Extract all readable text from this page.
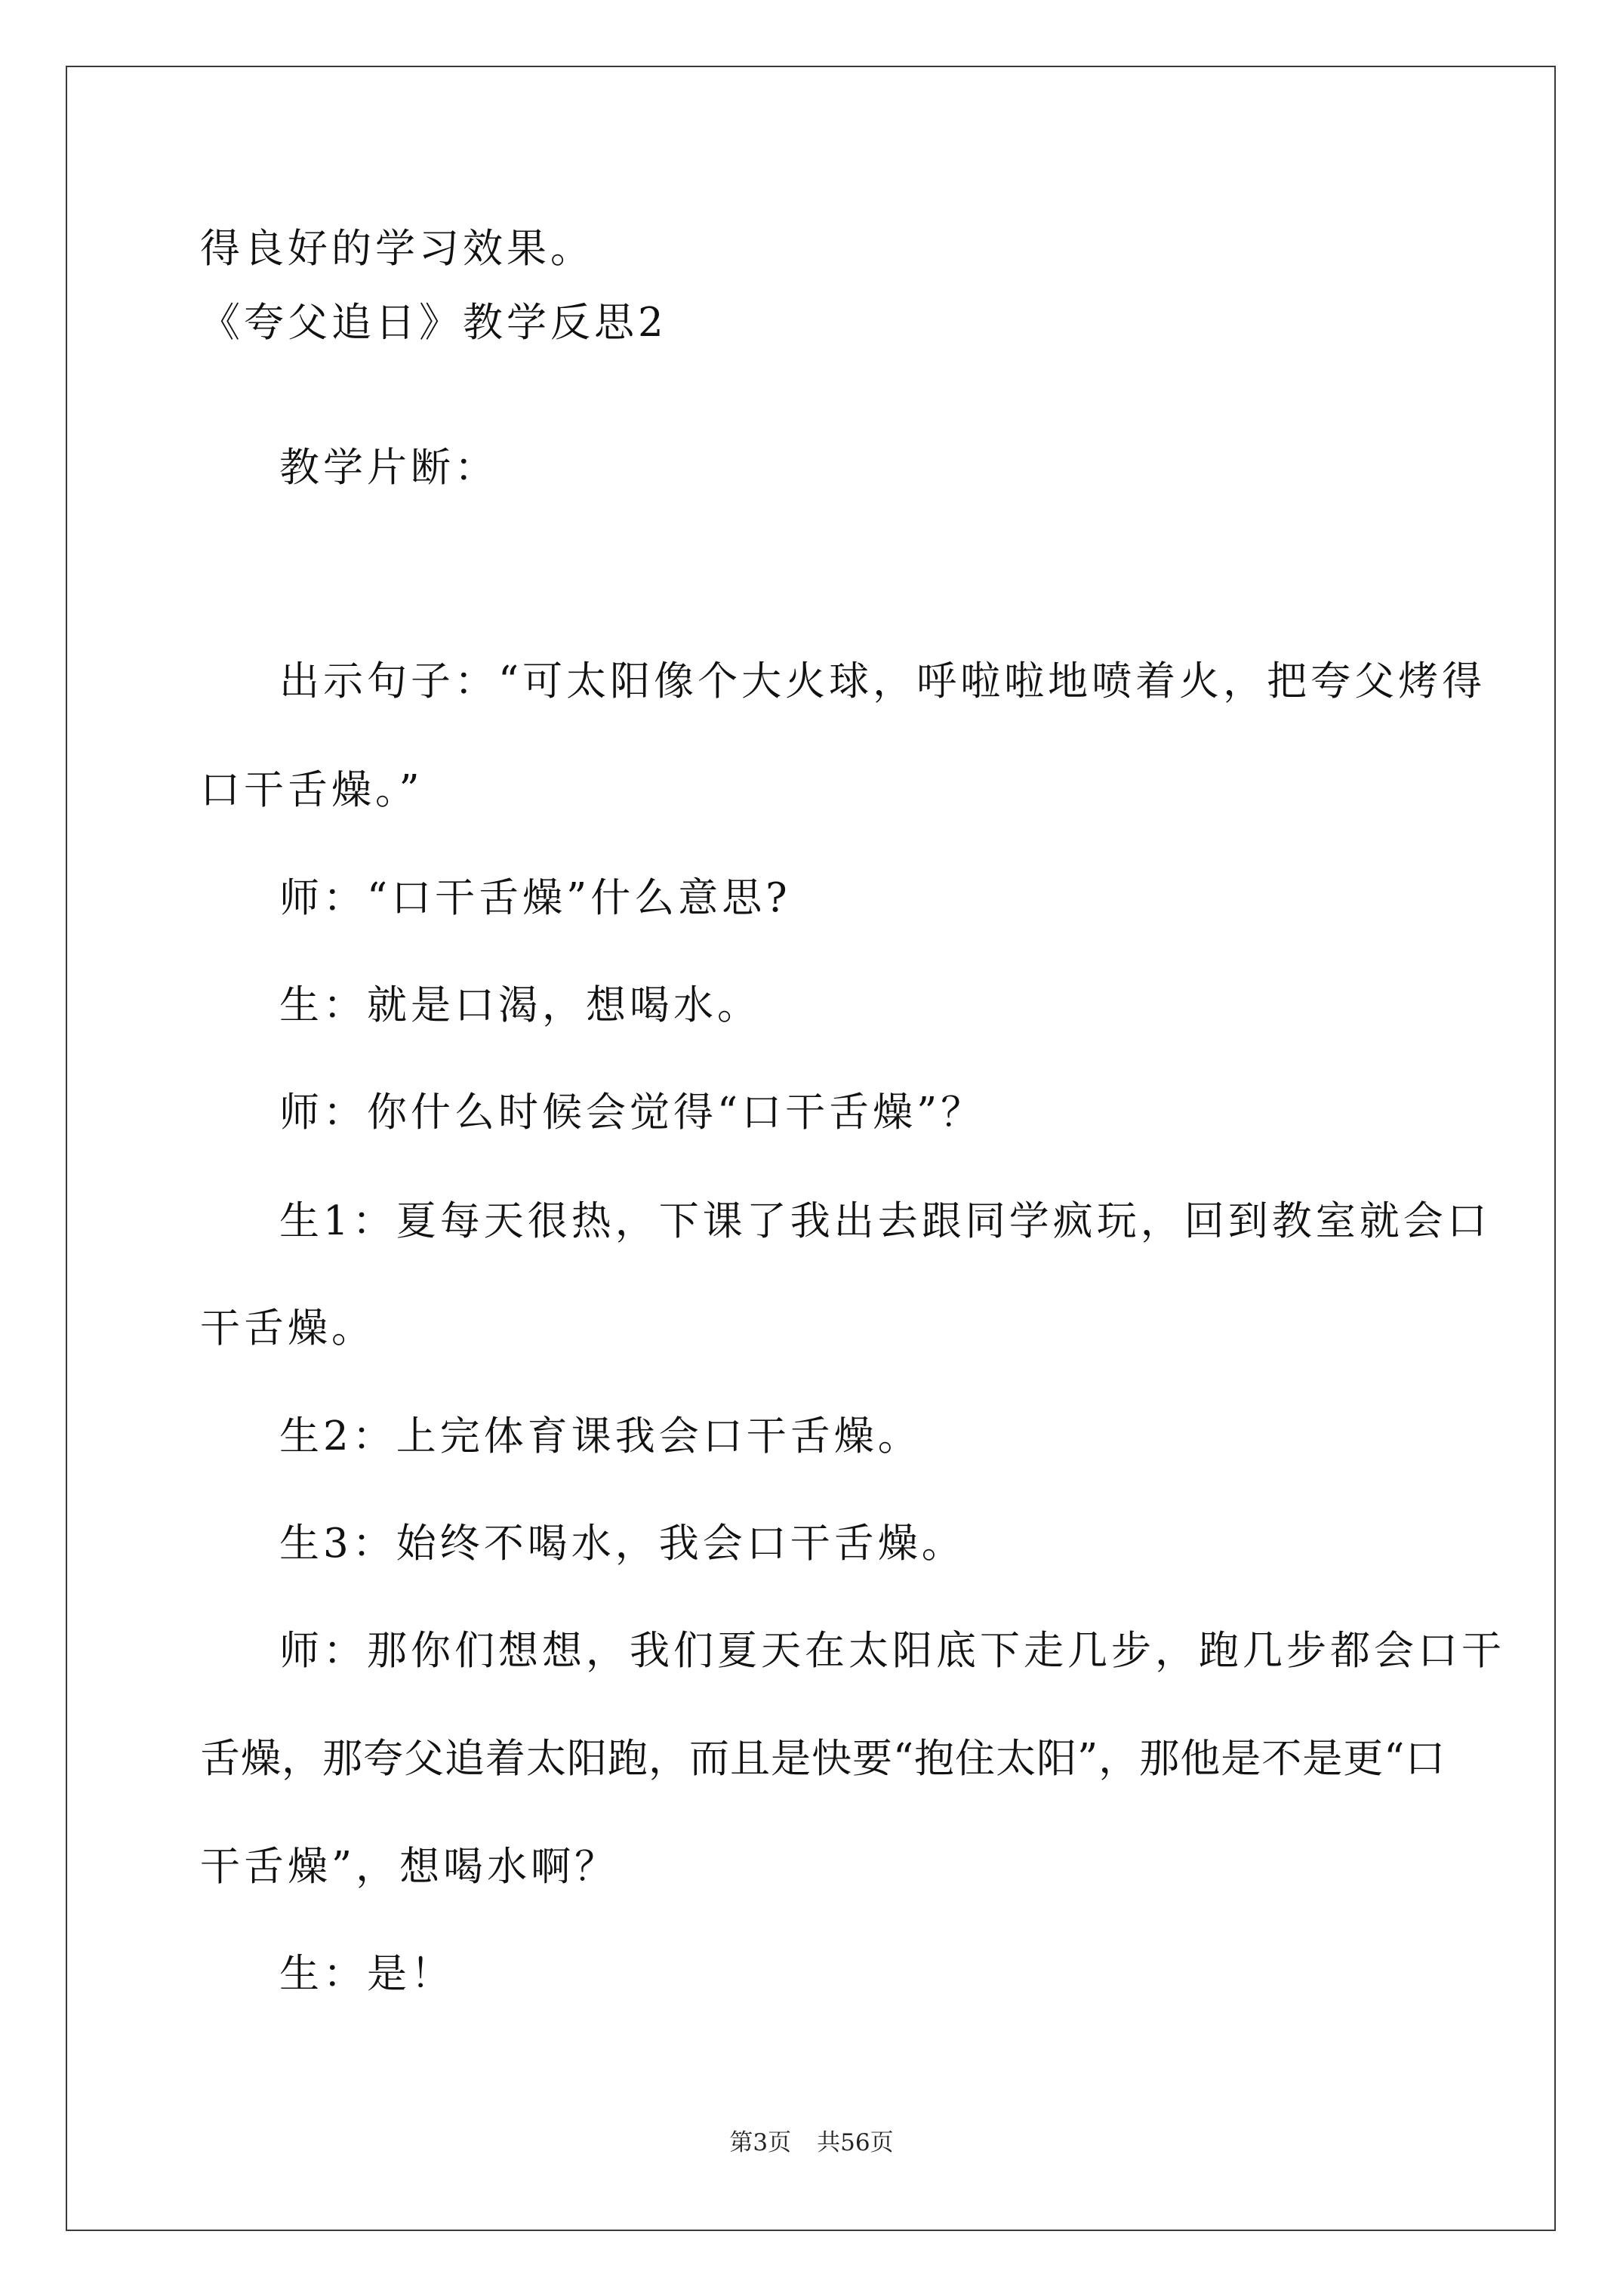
得良好的学习效果。

《夸父追日》教学反思2

教学片断：

出示句子：“可太阳像个大火球，呼啦啦地喷着火，把夸父烤得

口干舌燥。”

师：“口干舌燥”什么意思?

生：就是口渴，想喝水。

师：你什么时候会觉得“口干舌燥”？

生1：夏每天很热，下课了我出去跟同学疯玩，回到教室就会口

干舌燥。

生2：上完体育课我会口干舌燥。

生3：始终不喝水，我会口干舌燥。

师：那你们想想，我们夏天在太阳底下走几步，跑几步都会口干

舌燥，那夸父追着太阳跑，而且是快要“抱住太阳”，那他是不是更“口

干舌燥”，想喝水啊？

生：是！

第3页 共56页
